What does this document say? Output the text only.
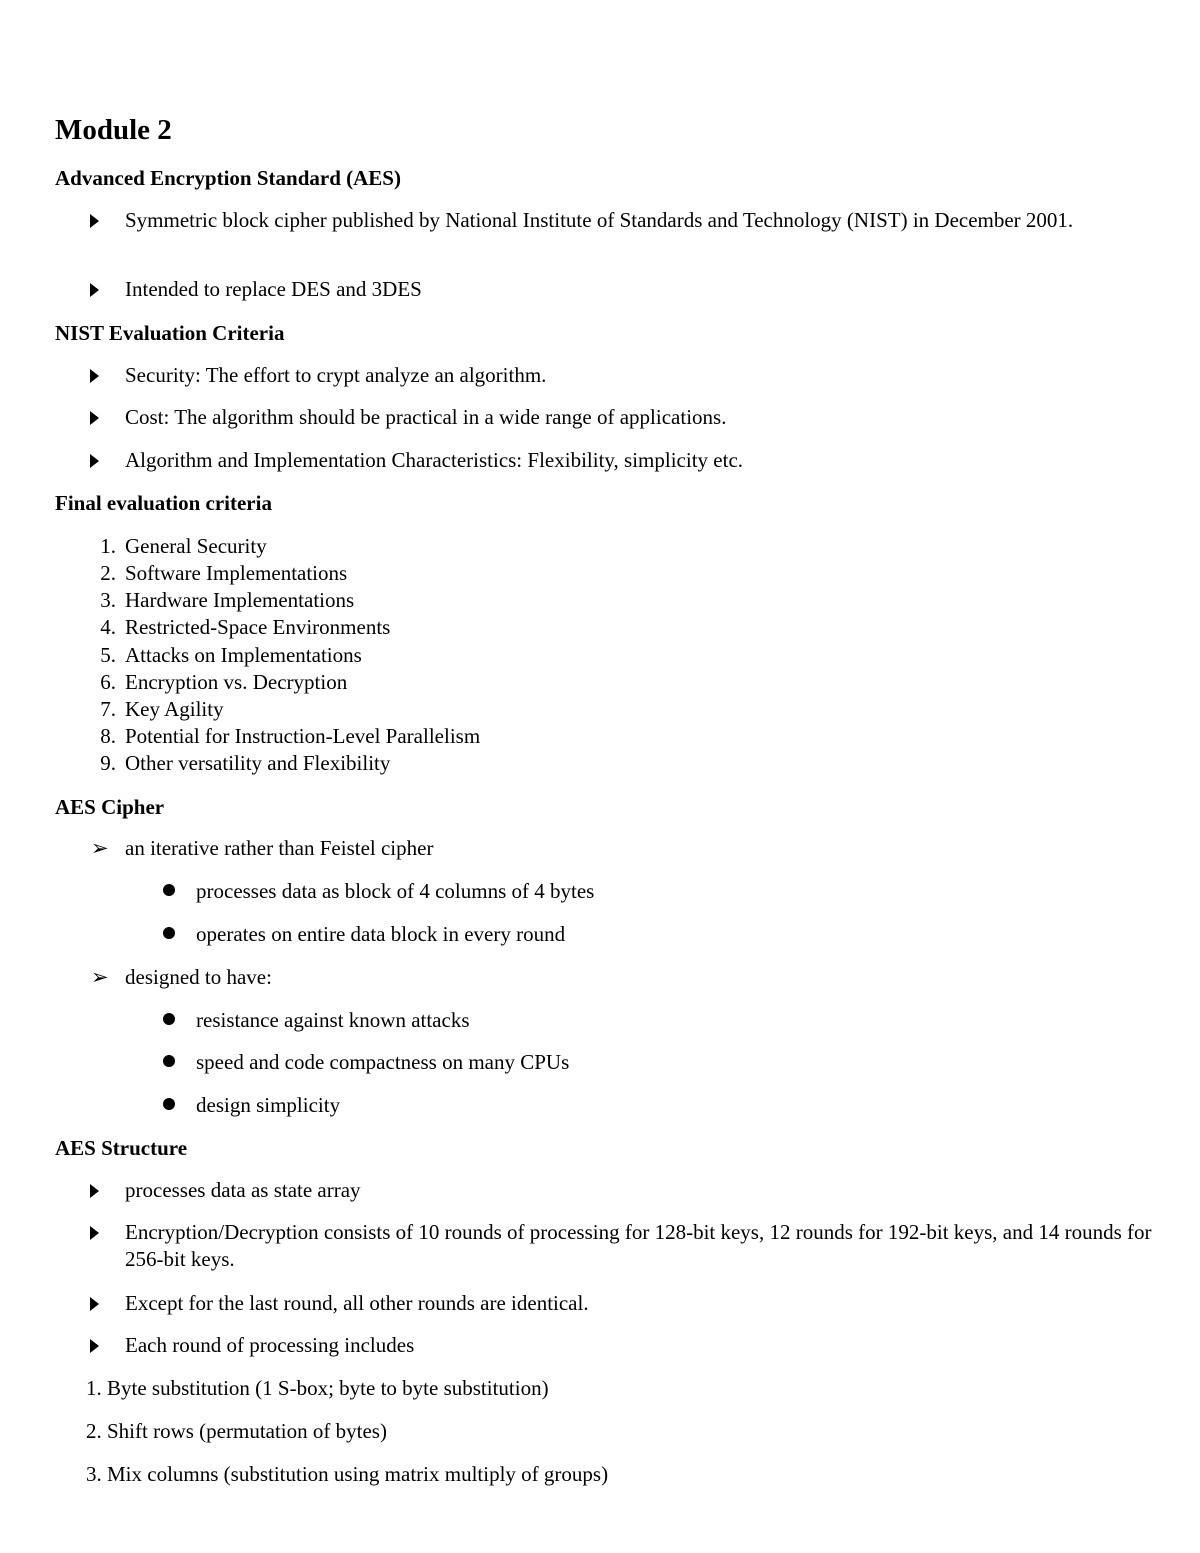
Module 2
Advanced Encryption Standard (AES)
Symmetric block cipher published by National Institute of Standards and Technology (NIST) in December 2001.
Intended to replace DES and 3DES
NIST Evaluation Criteria
Security: The effort to crypt analyze an algorithm.
Cost: The algorithm should be practical in a wide range of applications.
Algorithm and Implementation Characteristics: Flexibility, simplicity etc.
Final evaluation criteria
1. General Security
2. Software Implementations
3. Hardware Implementations
4. Restricted-Space Environments
5. Attacks on Implementations
6. Encryption vs. Decryption
7. Key Agility
8. Potential for Instruction-Level Parallelism
9. Other versatility and Flexibility
AES Cipher
➢ an iterative rather than Feistel cipher
processes data as block of 4 columns of 4 bytes
operates on entire data block in every round
➢ designed to have:
resistance against known attacks
speed and code compactness on many CPUs
design simplicity
AES Structure
processes data as state array
Encryption/Decryption consists of 10 rounds of processing for 128-bit keys, 12 rounds for 192-bit keys, and 14 rounds for 256-bit keys.
Except for the last round, all other rounds are identical.
Each round of processing includes
1. Byte substitution (1 S-box; byte to byte substitution)
2. Shift rows (permutation of bytes)
3. Mix columns (substitution using matrix multiply of groups)
